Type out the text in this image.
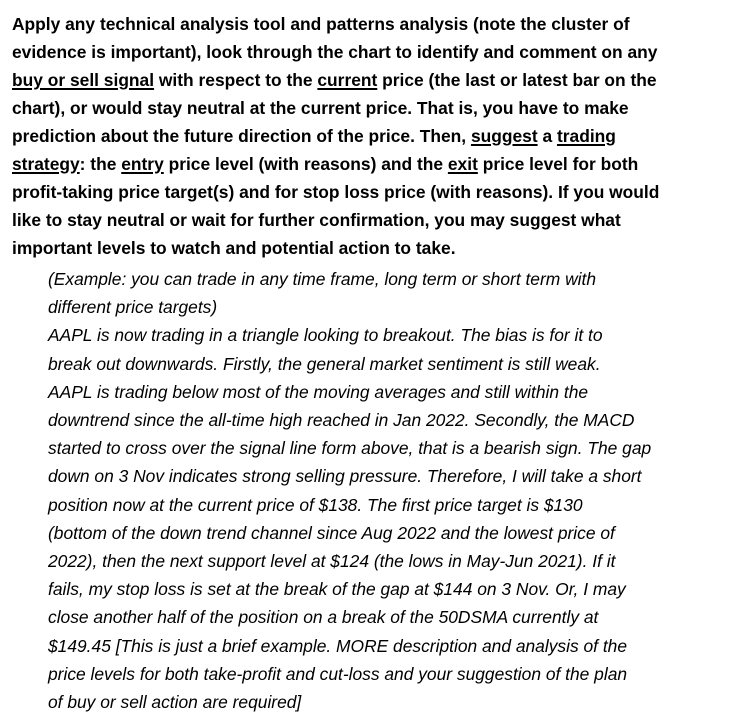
Apply any technical analysis tool and patterns analysis (note the cluster of
evidence is important), look through the chart to identify and comment on any
buy or sell signal with respect to the current price (the last or latest bar on the
chart), or would stay neutral at the current price. That is, you have to make
prediction about the future direction of the price. Then, suggest a trading
strategy: the entry price level (with reasons) and the exit price level for both
profit-taking price target(s) and for stop loss price (with reasons). If you would
like to stay neutral or wait for further confirmation, you may suggest what
important levels to watch and potential action to take.
(Example: you can trade in any time frame, long term or short term with
different price targets)
AAPL is now trading in a triangle looking to breakout. The bias is for it to
break out downwards. Firstly, the general market sentiment is still weak.
AAPL is trading below most of the moving averages and still within the
downtrend since the all-time high reached in Jan 2022. Secondly, the MACD
started to cross over the signal line form above, that is a bearish sign. The gap
down on 3 Nov indicates strong selling pressure. Therefore, I will take a short
position now at the current price of $138. The first price target is $130
(bottom of the down trend channel since Aug 2022 and the lowest price of
2022), then the next support level at $124 (the lows in May-Jun 2021). If it
fails, my stop loss is set at the break of the gap at $144 on 3 Nov. Or, I may
close another half of the position on a break of the 50DSMA currently at
$149.45 [This is just a brief example. MORE description and analysis of the
price levels for both take-profit and cut-loss and your suggestion of the plan
of buy or sell action are required]
